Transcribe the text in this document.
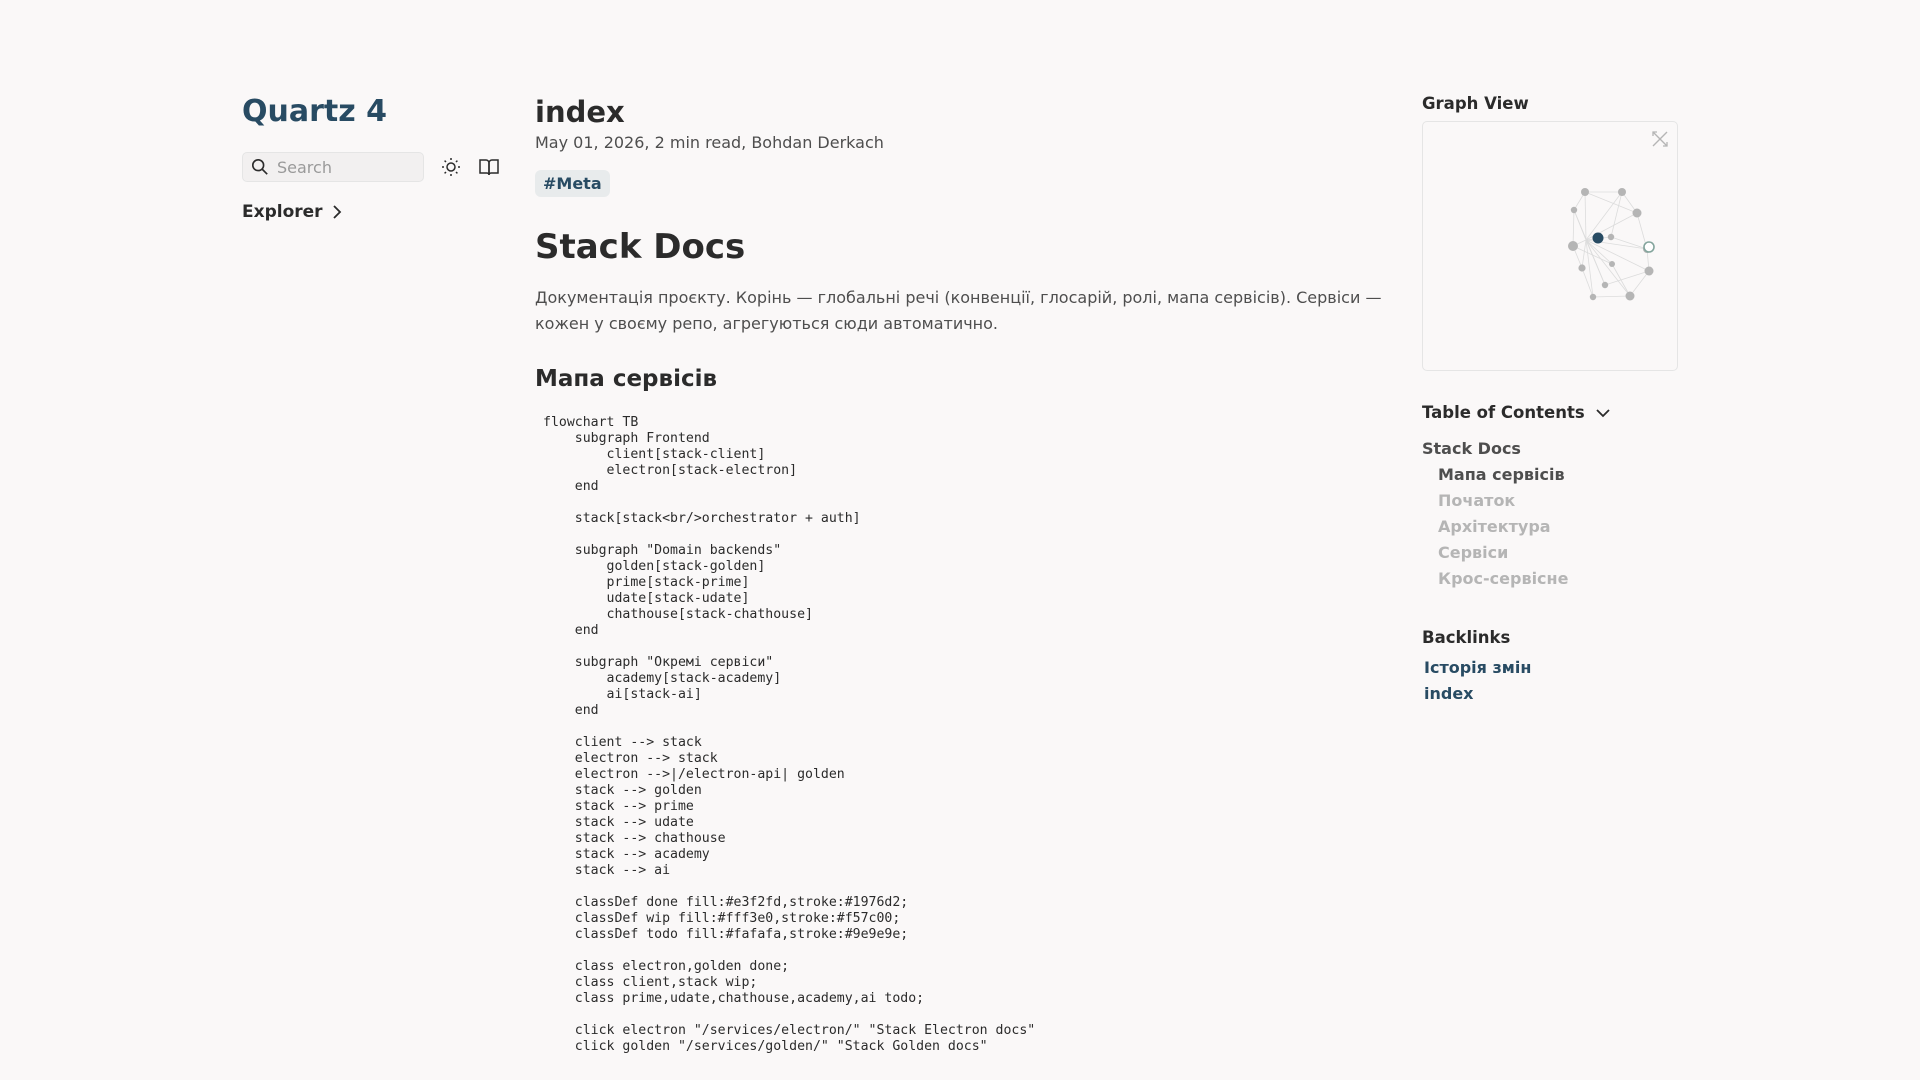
Quartz 4
Search
Explorer
index
May 01, 2026, 2 min read, Bohdan Derkach
#Meta
Stack Docs

Документація проєкту. Корінь — глобальні речі (конвенції, глосарій, ролі, мапа сервісів). Сервіси — кожен у своєму репо, агрегуються сюди автоматично.

Мапа сервісів
flowchart TB
subgraph Frontend
client[stack-client]
electron[stack-electron]
end

stack[stack<br/>orchestrator + auth]

subgraph "Domain backends"
golden[stack-golden]
prime[stack-prime]
udate[stack-udate]
chathouse[stack-chathouse]
end

subgraph "Окремі сервіси"
academy[stack-academy]
ai[stack-ai]
end

client --> stack
electron --> stack
electron -->|/electron-api| golden
stack --> golden
stack --> prime
stack --> udate
stack --> chathouse
stack --> academy
stack --> ai

classDef done fill:#e3f2fd,stroke:#1976d2;
classDef wip fill:#fff3e0,stroke:#f57c00;
classDef todo fill:#fafafa,stroke:#9e9e9e;

class electron,golden done;
class client,stack wip;
class prime,udate,chathouse,academy,ai todo;

click electron "/services/electron/" "Stack Electron docs"
click golden "/services/golden/" "Stack Golden docs"
Graph View
Table of Contents
Stack Docs
Мапа сервісів
Початок
Архітектура
Сервіси
Крос-сервісне
Backlinks
Історія змін
index
